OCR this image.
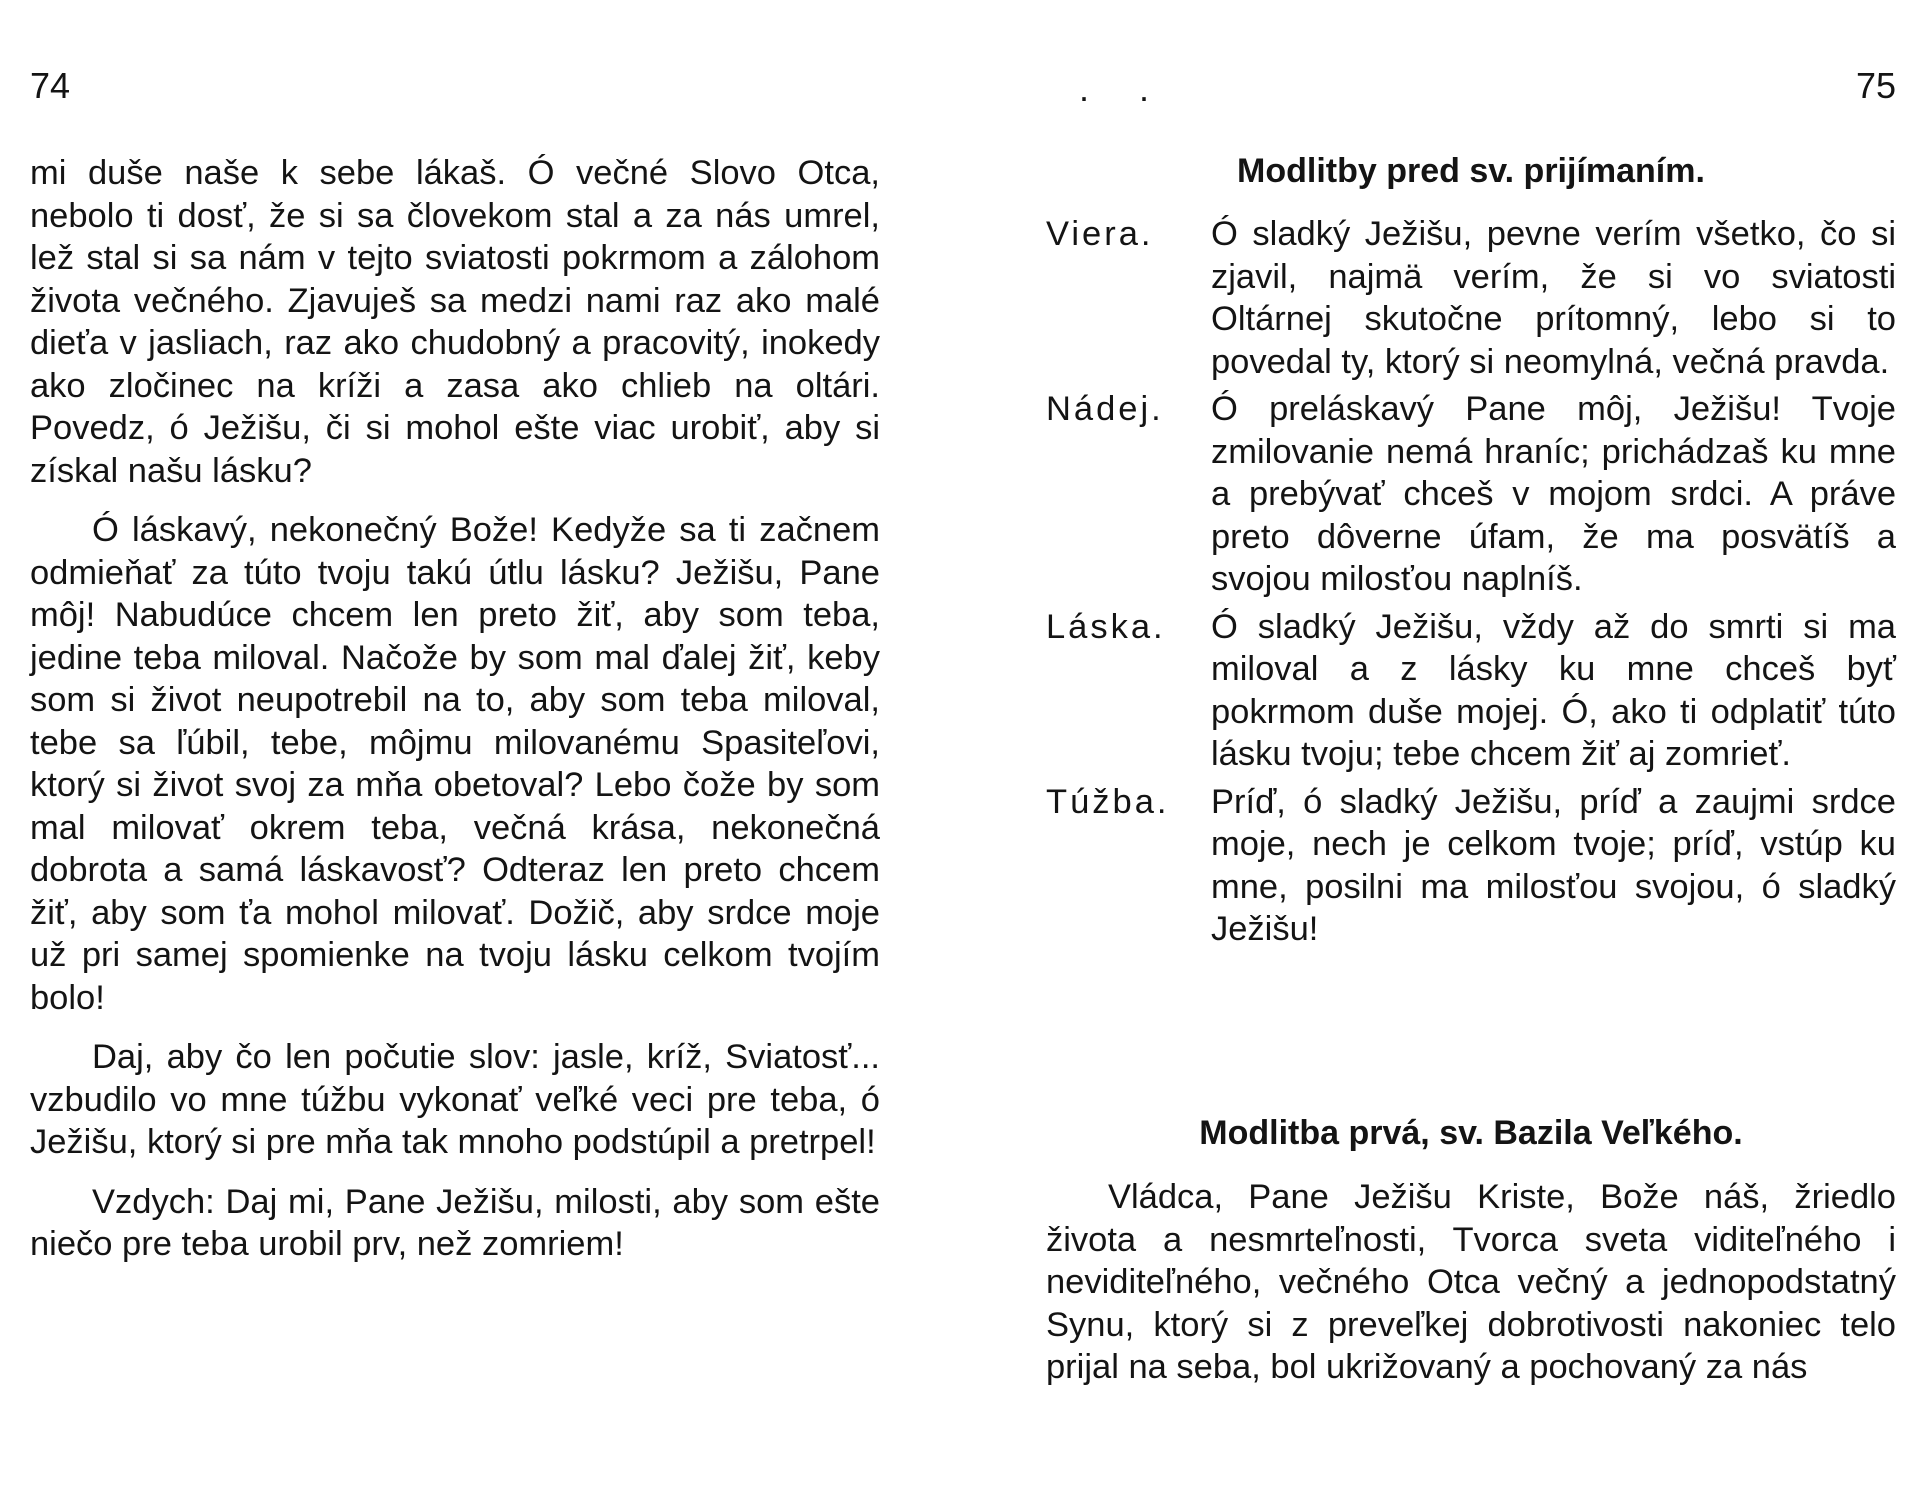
74

mi duše naše k sebe lákaš. Ó večné Slovo Otca, nebolo ti dosť, že si sa človekom stal a za nás umrel, lež stal si sa nám v tejto sviatosti pokrmom a zálohom života večného. Zjavuješ sa medzi nami raz ako malé dieťa v jasliach, raz ako chudobný a pracovitý, inokedy ako zločinec na kríži a zasa ako chlieb na oltári. Povedz, ó Ježišu, či si mohol ešte viac urobiť, aby si získal našu lásku?

Ó láskavý, nekonečný Bože! Kedyže sa ti začnem odmieňať za túto tvoju takú útlu lásku? Ježišu, Pane môj! Nabudúce chcem len preto žiť, aby som teba, jedine teba miloval. Načože by som mal ďalej žiť, keby som si život neupotrebil na to, aby som teba miloval, tebe sa ľúbil, tebe, môjmu milovanému Spasiteľovi, ktorý si život svoj za mňa obetoval? Lebo čože by som mal milovať okrem teba, večná krása, nekonečná dobrota a samá láskavosť? Odteraz len preto chcem žiť, aby som ťa mohol milovať. Dožič, aby srdce moje už pri samej spomienke na tvoju lásku celkom tvojím bolo!

Daj, aby čo len počutie slov: jasle, kríž, Sviatosť... vzbudilo vo mne túžbu vykonať veľké veci pre teba, ó Ježišu, ktorý si pre mňa tak mnoho podstúpil a pretrpel!

Vzdych: Daj mi, Pane Ježišu, milosti, aby som ešte niečo pre teba urobil prv, než zomriem!

. .	75
Modlitby pred sv. prijímaním.
Viera.	Ó sladký Ježišu, pevne verím všetko, čo si zjavil, najmä verím, že si vo sviatosti Oltárnej skutočne prítomný, lebo si to povedal ty, ktorý si neomylná, večná pravda.
Nádej.	Ó preláskavý Pane môj, Ježišu! Tvoje zmilovanie nemá hraníc; prichádzaš ku mne a prebývať chceš v mojom srdci. A práve preto dôverne úfam, že ma posvätíš a svojou milosťou naplníš.
Láska.	Ó sladký Ježišu, vždy až do smrti si ma miloval a z lásky ku mne chceš byť pokrmom duše mojej. Ó, ako ti odplatiť túto lásku tvoju; tebe chcem žiť aj zomrieť.
Túžba.	Príď, ó sladký Ježišu, príď a zaujmi srdce moje, nech je celkom tvoje; príď, vstúp ku mne, posilni ma milosťou svojou, ó sladký Ježišu!
Modlitba prvá, sv. Bazila Veľkého.

Vládca, Pane Ježišu Kriste, Bože náš, žriedlo života a nesmrteľnosti, Tvorca sveta viditeľného i neviditeľného, večného Otca večný a jednopodstatný Synu, ktorý si z preveľkej dobrotivosti nakoniec telo prijal na seba, bol ukrižovaný a pochovaný za nás
